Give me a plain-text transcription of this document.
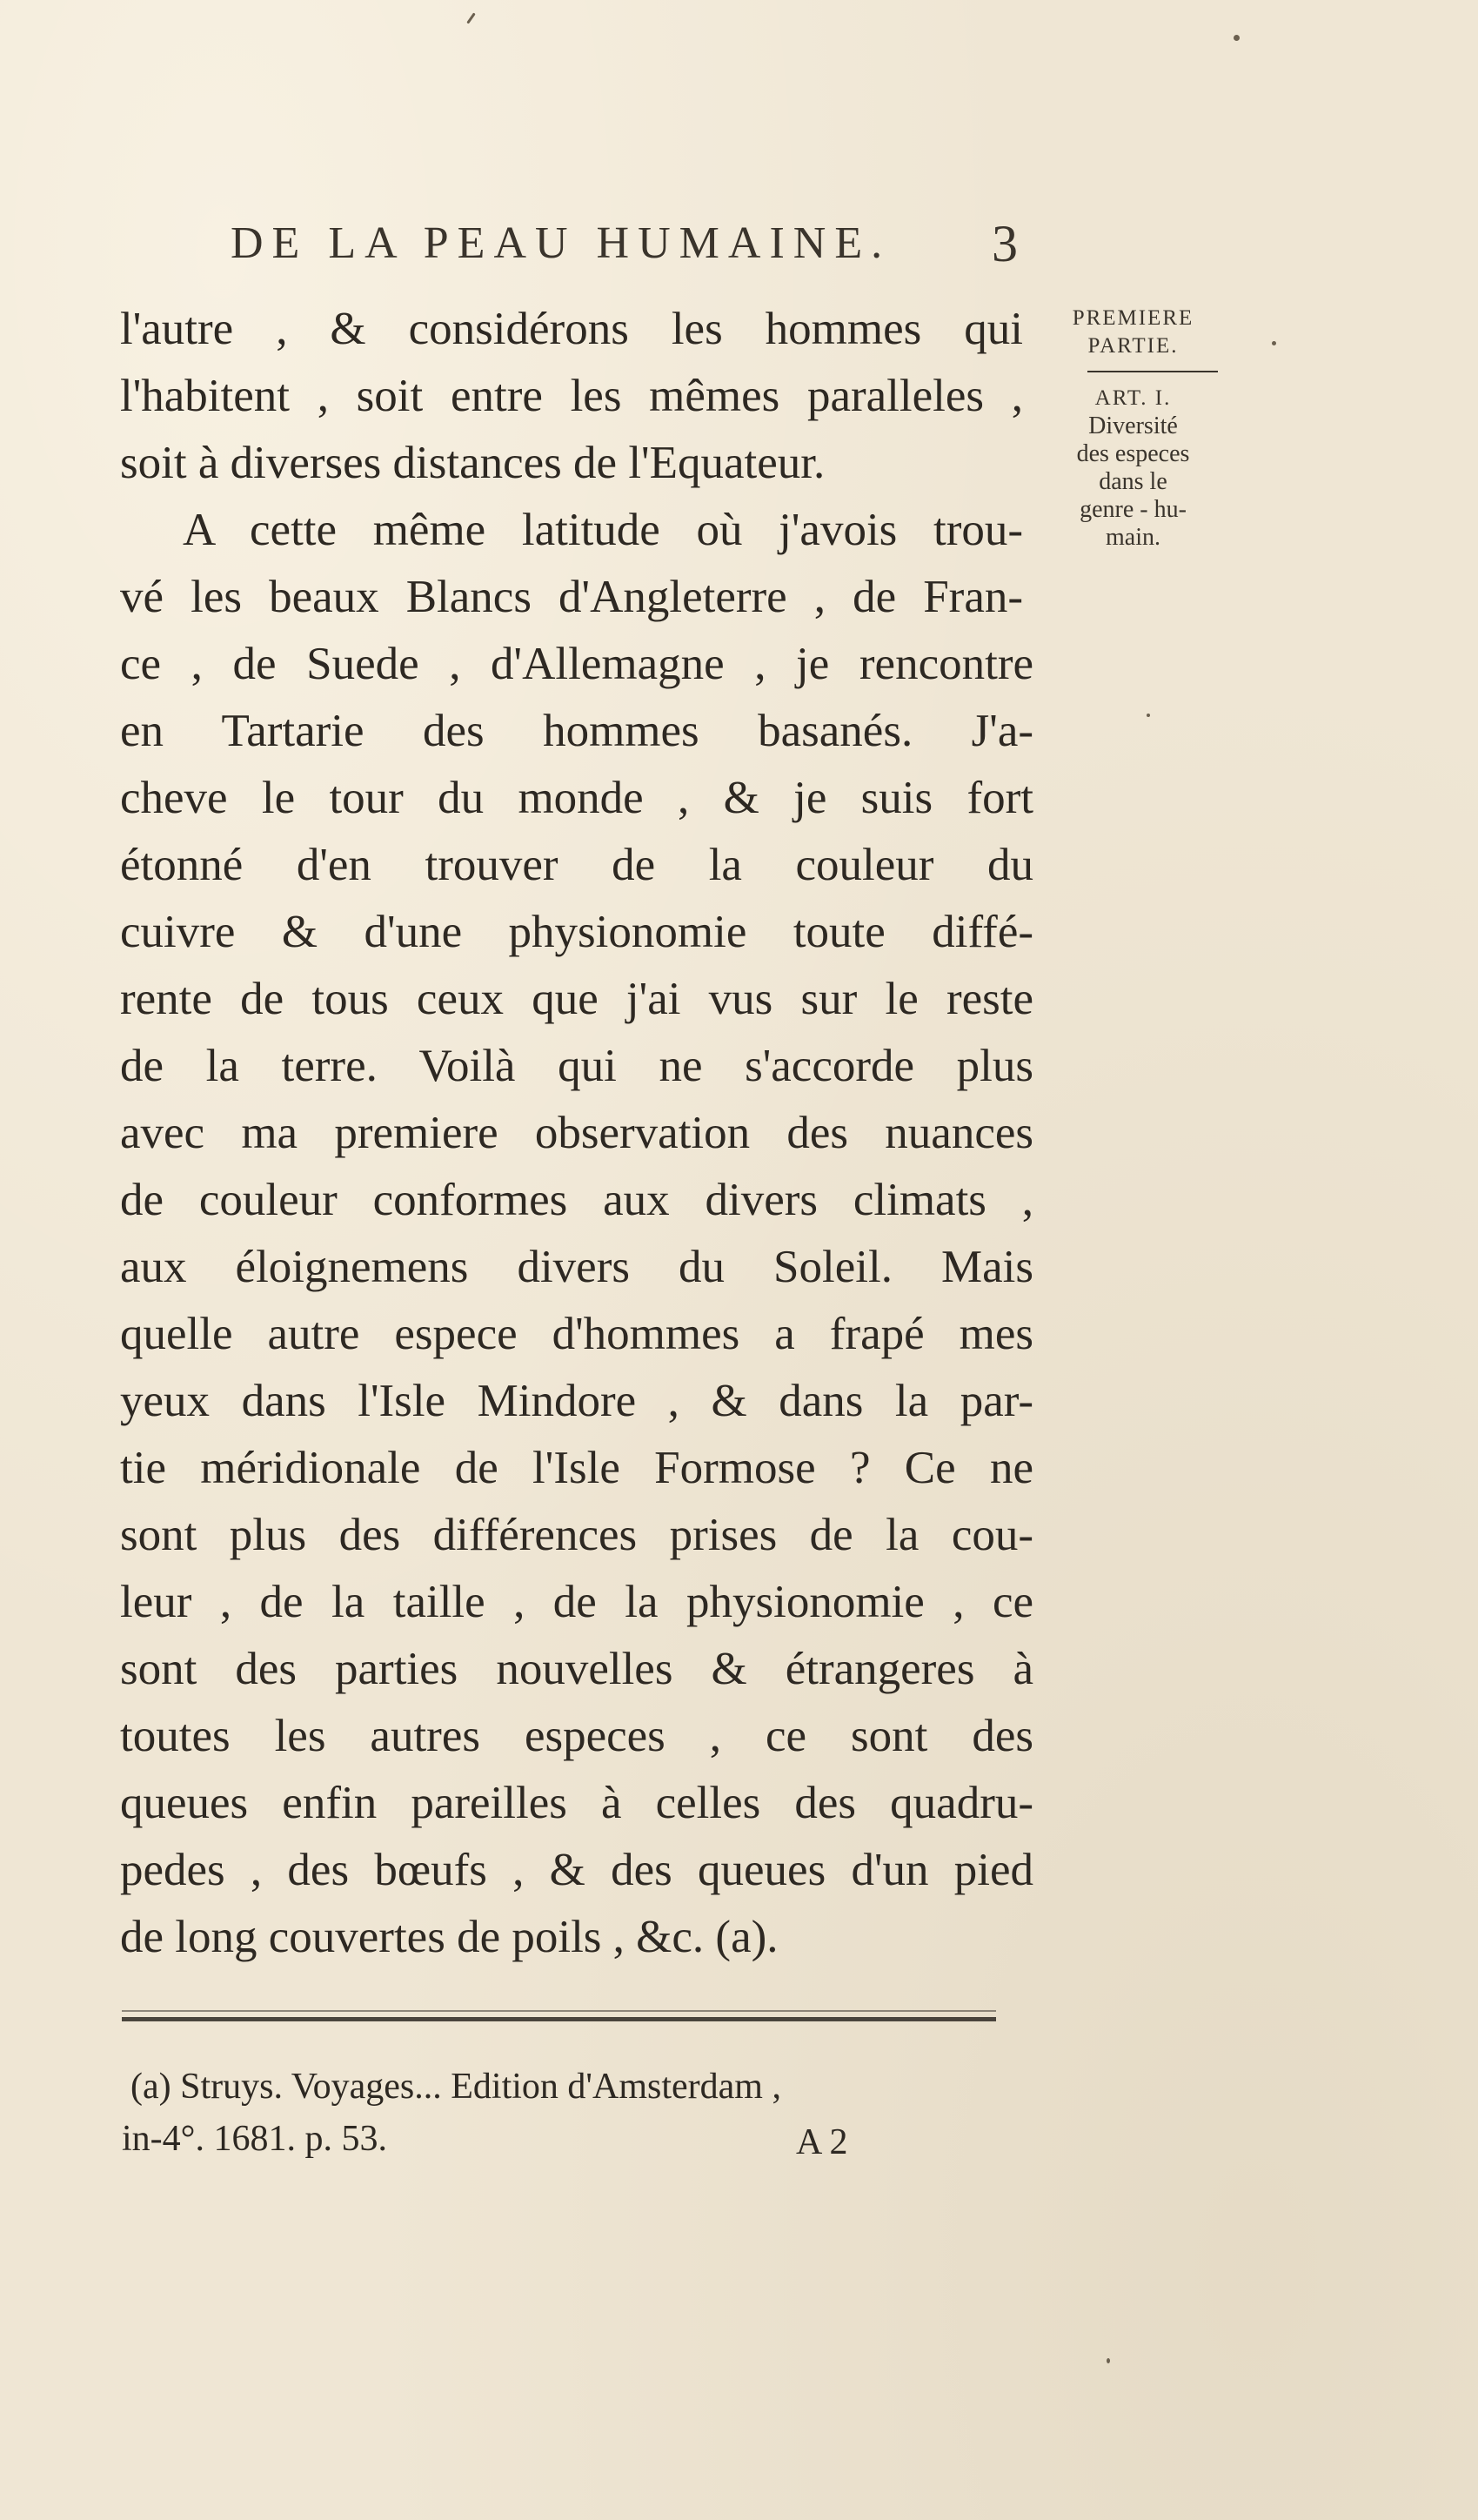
DE LA PEAU HUMAINE. 3
l'autre , & considérons les hommes qui
l'habitent , soit entre les mêmes paralleles ,
soit à diverses distances de l'Equateur.
A cette même latitude où j'avois trou-
vé les beaux Blancs d'Angleterre , de Fran-
ce , de Suede , d'Allemagne , je rencontre
en Tartarie des hommes basanés. J'a-
cheve le tour du monde , & je suis fort
étonné d'en trouver de la couleur du
cuivre & d'une physionomie toute diffé-
rente de tous ceux que j'ai vus sur le reste
de la terre. Voilà qui ne s'accorde plus
avec ma premiere observation des nuances
de couleur conformes aux divers climats ,
aux éloignemens divers du Soleil. Mais
quelle autre espece d'hommes a frapé mes
yeux dans l'Isle Mindore , & dans la par-
tie méridionale de l'Isle Formose ? Ce ne
sont plus des différences prises de la cou-
leur , de la taille , de la physionomie , ce
sont des parties nouvelles & étrangeres à
toutes les autres especes , ce sont des
queues enfin pareilles à celles des quadru-
pedes , des bœufs , & des queues d'un pied
de long couvertes de poils , &c. (a).
PREMIERE
PARTIE.
ART. I.
Diversité
des especes
dans le
genre - hu-
main.
(a) Struys. Voyages... Edition d'Amsterdam ,
in-4°. 1681. p. 53.	A 2
